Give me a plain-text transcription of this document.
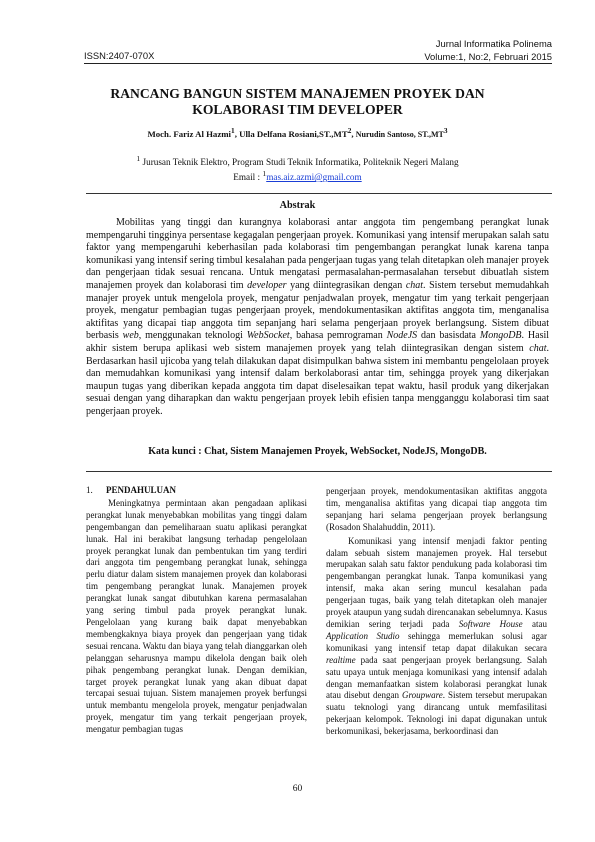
Jurnal Informatika Polinema
Volume:1, No:2, Februari 2015
ISSN:2407-070X
RANCANG BANGUN SISTEM MANAJEMEN PROYEK DAN
KOLABORASI TIM DEVELOPER
Moch. Fariz Al Hazmi$^1$, Ulla Delfana $Rosiani,ST.,MT^2$, Nurudin Santoso, $ST.,MT^3$
$^1$ Jurusan Teknik Elektro, Program Studi Teknik Informatika, Politeknik Negeri Malang
Email : $^1$mas.aiz.azmi@gmail.com
Abstrak
Mobilitas yang tinggi dan kurangnya kolaborasi antar anggota tim pengembang perangkat lunak mempengaruhi tingginya persentase kegagalan pengerjaan proyek. Komunikasi yang intensif merupakan salah satu faktor yang mempengaruhi keberhasilan pada kolaborasi tim pengembangan perangkat lunak karena tanpa komunikasi yang intensif sering timbul kesalahan pada pengerjaan tugas yang telah ditetapkan oleh manajer proyek dan pengerjaan tidak sesuai rencana. Untuk mengatasi permasalahan-permasalahan tersebut dibuatlah sistem manajemen proyek dan kolaborasi tim developer yang diintegrasikan dengan chat. Sistem tersebut memudahkah manajer proyek untuk mengelola proyek, mengatur penjadwalan proyek, mengatur tim yang terkait pengerjaan proyek, mengatur pembagian tugas pengerjaan proyek, mendokumentasikan aktifitas anggota tim, menganalisa aktifitas yang dicapai tiap anggota tim sepanjang hari selama pengerjaan proyek berlangsung. Sistem dibuat berbasis web, menggunakan teknologi WebSocket, bahasa pemrograman NodeJS dan basisdata MongoDB. Hasil akhir sistem berupa aplikasi web sistem manajemen proyek yang telah diintegrasikan dengan sistem chat. Berdasarkan hasil ujicoba yang telah dilakukan dapat disimpulkan bahwa sistem ini membantu pengelolaan proyek dan memudahkan komunikasi yang intensif dalam berkolaborasi antar tim, sehingga proyek yang dikerjakan maupun tugas yang diberikan kepada anggota tim dapat diselesaikan tepat waktu, hasil produk yang dikerjakan sesuai dengan yang diharapkan dan waktu pengerjaan proyek lebih efisien tanpa mengganggu kolaborasi tim saat pengerjaan proyek.
Kata kunci : Chat, Sistem Manajemen Proyek, WebSocket, NodeJS, MongoDB.
1. PENDAHULUAN

Meningkatnya permintaan akan pengadaan aplikasi perangkat lunak menyebabkan mobilitas yang tinggi dalam pengembangan dan pemeliharaan suatu aplikasi perangkat lunak. Hal ini berakibat langsung terhadap pengelolaan proyek perangkat lunak dan pembentukan tim yang terdiri dari anggota tim pengembang perangkat lunak, sehingga perlu diatur dalam sistem manajemen proyek dan kolaborasi tim pengembang perangkat lunak. Manajemen proyek perangkat lunak sangat dibutuhkan karena permasalahan yang sering timbul pada proyek perangkat lunak. Pengelolaan yang kurang baik dapat menyebabkan membengkaknya biaya proyek dan pengerjaan yang tidak sesuai rencana. Waktu dan biaya yang telah dianggarkan oleh pelanggan seharusnya mampu dikelola dengan baik oleh pihak pengembang perangkat lunak. Dengan demikian, target proyek perangkat lunak yang akan dibuat dapat tercapai sesuai tujuan. Sistem manajemen proyek berfungsi untuk membantu mengelola proyek, mengatur penjadwalan proyek, mengatur tim yang terkait pengerjaan proyek, mengatur pembagian tugas

pengerjaan proyek, mendokumentasikan aktifitas anggota tim, menganalisa aktifitas yang dicapai tiap anggota tim sepanjang hari selama pengerjaan proyek berlangsung (Rosadon Shalahuddin, 2011).

Komunikasi yang intensif menjadi faktor penting dalam sebuah sistem manajemen proyek. Hal tersebut merupakan salah satu faktor pendukung pada kolaborasi tim pengembangan perangkat lunak. Tanpa komunikasi yang intensif, maka akan sering muncul kesalahan pada pengerjaan tugas, baik yang telah ditetapkan oleh manajer proyek ataupun yang sudah direncanakan sebelumnya. Kasus demikian sering terjadi pada Software House atau Application Studio sehingga memerlukan solusi agar komunikasi yang intensif tetap dapat dilakukan secara realtime pada saat pengerjaan proyek berlangsung. Salah satu upaya untuk menjaga komunikasi yang intensif adalah dengan memanfaatkan sistem kolaborasi perangkat lunak atau disebut dengan Groupware. Sistem tersebut merupakan suatu teknologi yang dirancang untuk memfasilitasi pekerjaan kelompok. Teknologi ini dapat digunakan untuk berkomunikasi, bekerjasama, berkoordinasi dan

60
